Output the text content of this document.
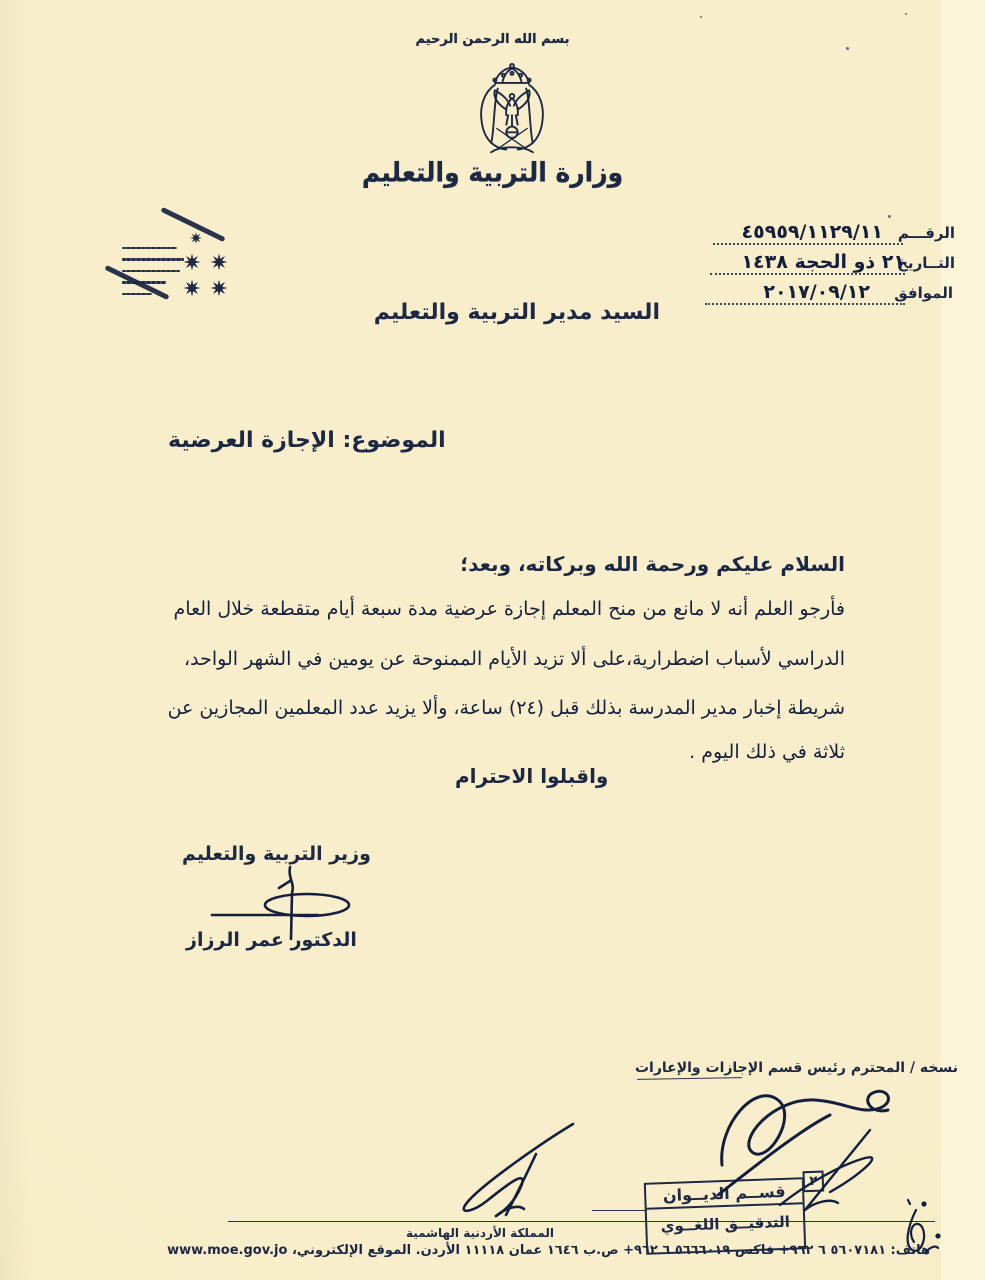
بسم الله الرحمن الرحيم
وزارة التربية والتعليم
الرقـــم
٤٥٩٥٩/١١٢٩/١١
التــاريخ
٢١ ذو الحجة ١٤٣٨
الموافق
٢٠١٧/٠٩/١٢
السيد مدير التربية والتعليم
الموضوع: الإجازة العرضية
السلام عليكم ورحمة الله وبركاته، وبعد؛
فأرجو العلم أنه لا مانع من منح المعلم إجازة عرضية مدة سبعة أيام متقطعة خلال العام
الدراسي لأسباب اضطرارية،على ألا تزيد الأيام الممنوحة عن يومين في الشهر الواحد،
شريطة إخبار مدير المدرسة بذلك قبل (٢٤) ساعة، وألا يزيد عدد المعلمين المجازين عن
ثلاثة في ذلك اليوم .
واقبلوا الاحترام
وزير التربية والتعليم
الدكتور عمر الرزاز
نسخه / المحترم رئيس قسم الإجازات والإعارات
٢
قســم الديــوان
التدقيــق اللغــوي
المملكة الأردنية الهاشمية
هاتف: ٥٦٠٧١٨١ ٦ ٩٦٢+ فاكس ٥٦٦٦٠١٩ ٦ ٩٦٢+ ص.ب ١٦٤٦ عمان ١١١١٨ الأردن. الموقع الإلكتروني، www.moe.gov.jo
